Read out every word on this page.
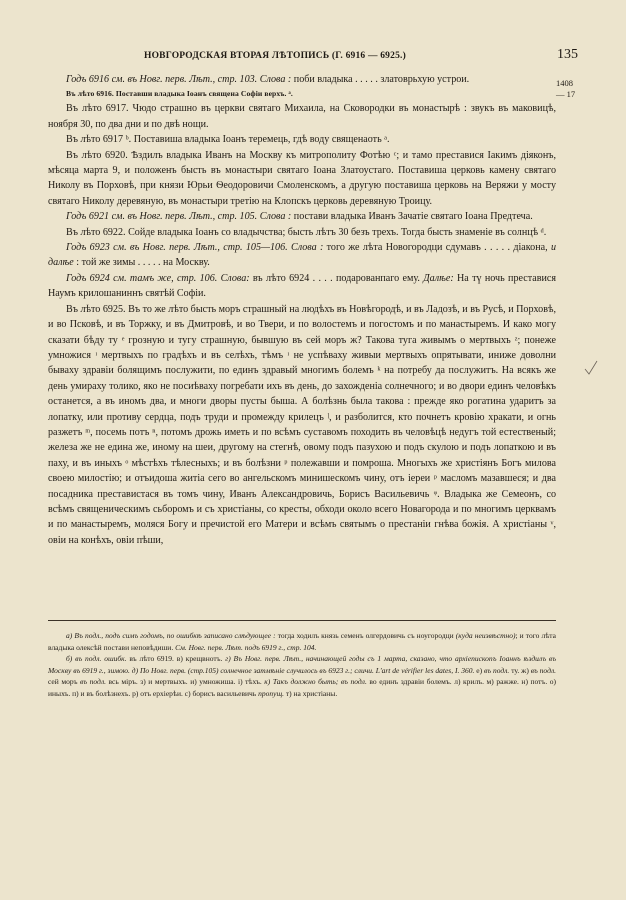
НОВГОРОДСКАЯ ВТОРАЯ ЛѢТОПИСЬ (Г. 6916 — 6925.)	135
1408
— 17

Годъ 6916 см. въ Новг. перв. Лѣт., стр. 103. Слова : поби владыка . . . . . златоврьхую устрои.

Въ лѣто 6916. Поставши владыка Іоанъ священа Софіи верхъ. ᵃ.

Въ лѣто 6917. Чюдо страшно въ церкви святаго Михаила, на Сковородки въ монастырѣ : звукъ въ маковицѣ, ноября 30, по два дни и по двѣ нощи.

Въ лѣто 6917 ᵇ. Поставиша владыка Іоанъ теремець, гдѣ воду священаоть ᵃ.

Въ лѣто 6920. Ѣздилъ владыка Иванъ на Москву къ митрополиту Фотѣю ᶜ; и тамо преставися Іакимъ дiяконъ, мѣсяца марта 9, и положенъ бысть въ монастыри святаго Іоана Златоустаго. Поставиша церковь камену святаго Николу въ Порховѣ, при князи Юрьи Ѳеодоровичи Смоленскомъ, а другую поставиша церковь на Веряжи у мосту святаго Николу деревяную, въ монастыри третiю на Клопскъ церковь деревяную Троицу.

Годъ 6921 см. въ Новг. перв. Лѣт., стр. 105. Слова : постави владыка Иванъ Зачатiе святаго Іоана Предтеча.

Въ лѣто 6922. Сойде владыка Іоанъ со владычства; бысть лѣтъ 30 безъ трехъ. Тогда бысть знаменiе въ солнцѣ ᵈ.

Годъ 6923 см. въ Новг. перв. Лѣт., стр. 105—106. Слова : того же лѣта Новогородци сдумавъ . . . . . дiакона, и далѣе : той же зимы . . . . . на Москву.

Годъ 6924 см. тамъ же, стр. 106. Слова: въ лѣто 6924 . . . . подарованпаго ему. Далѣе: На тү ночь преставися Наумъ крилошаниннъ святѣй Софiи.

Въ лѣто 6925. Въ то же лѣто бысть моръ страшный на людѣхъ въ Новѣгородѣ, и въ Ладозѣ, и въ Русѣ, и Порховѣ, и во Псковѣ, и въ Торжку, и въ Дмитровѣ, и во Твери, и по волостемъ и погостомъ и по манастыремъ. И како могу сказати бѣду ту ᵉ грозную и тугу страшную, бывшую въ сей моръ ж? Такова туга живымъ о мертвыхъ ᶻ; понеже умножися ᶦ мертвыхъ по градѣхъ и въ селѣхъ, тѣмъ ᶦ не успѣваху живыи мертвыхъ опрятывати, иниже доволни бываху здравiи болящимъ послужити, по единъ здравый многимъ болемъ ᵏ на потребу да послужитъ. На всякъ же день умираху толико, яко не посиѣваху погребати ихъ въ день, до захожденiа солнечного; и во двори единъ человѣкъ останется, а въ иномъ два, и многи дворы пусты быша. А болѣзнь была такова : прежде яко рогатина ударитъ за лопатку, или противу сердца, подъ труди и промежду крилецъ ᶩ, и разболится, кто почнетъ кровiю хракати, и огнь разжетъ ᵐ, посемь потъ ⁿ, потомъ дрожь иметь и по всѣмъ суставомъ походить въ человѣцѣ недугъ той естественый; железа же не едина же, иному на шеи, другому на стегнѣ, овому подъ пазухою и подъ скулою и подъ лопаткою и въ паху, и въ иныхъ ᵒ мѣстѣхъ тѣлесныхъ; и въ болѣзни ᵖ полежавши и помроша. Многыхъ же христiянъ Богъ милова своею милостiю; и отъидоша житiа сего во ангельскомъ минишескомъ чину, отъ iереи ᵖ масломъ мазавшеся; и два посадника преставистася въ томъ чину, Иванъ Александровичь, Борисъ Васильевичь ᵠ. Владыка же Семеонъ, со всѣмъ священическимъ сьборомъ и съ христiаны, со кресты, обходи около всего Новагорода и по многимъ церквамъ и по манастыремъ, моляся Богу и пречистой его Матери и всѣмъ святымъ о престанiи гнѣва божiя. А христiаны ᵛ, овiи на конѣхъ, овiи пѣши,

а) Въ подл., подъ симъ годомъ, по ошибкѣ записано слѣдующее : тогда ходилъ князь семенъ олгердовичь съ ноугородци (куда неизвѣстно); и того лѣта владыка олексѣй постави неповѣдиши. См. Новг. перв. Лѣт. подъ 6919 г., стр. 104.

б) въ подл. ошибк. въ лѣто 6919. в) крещвнотъ. г) Въ Новг. перв. Лѣт., начинающей годы съ 1 марта, сказано, что архiепископъ Іоаннъ ѣздилъ въ Москву въ 6919 г., зимою. д) По Новг. перв. (стр.105) солнечное затмѣнiе случилось въ 6923 г.; сличи. L'art de vérifier les dates, I. 360. е) въ подл. ту. ж) въ подл. сей моръ въ подл. всь мiръ. з) и мертвыхъ. и) умножиша. і) тѣхъ. к) Такъ должно быть; въ подл. во единъ здравiи болемъ. л) крилъ. м) ражже. н) потъ. о) иныхъ. п) и въ болѣзнехъ. р) отъ ерхiерѣи. с) борисъ васильевичь пропущ. т) на христiаны.
